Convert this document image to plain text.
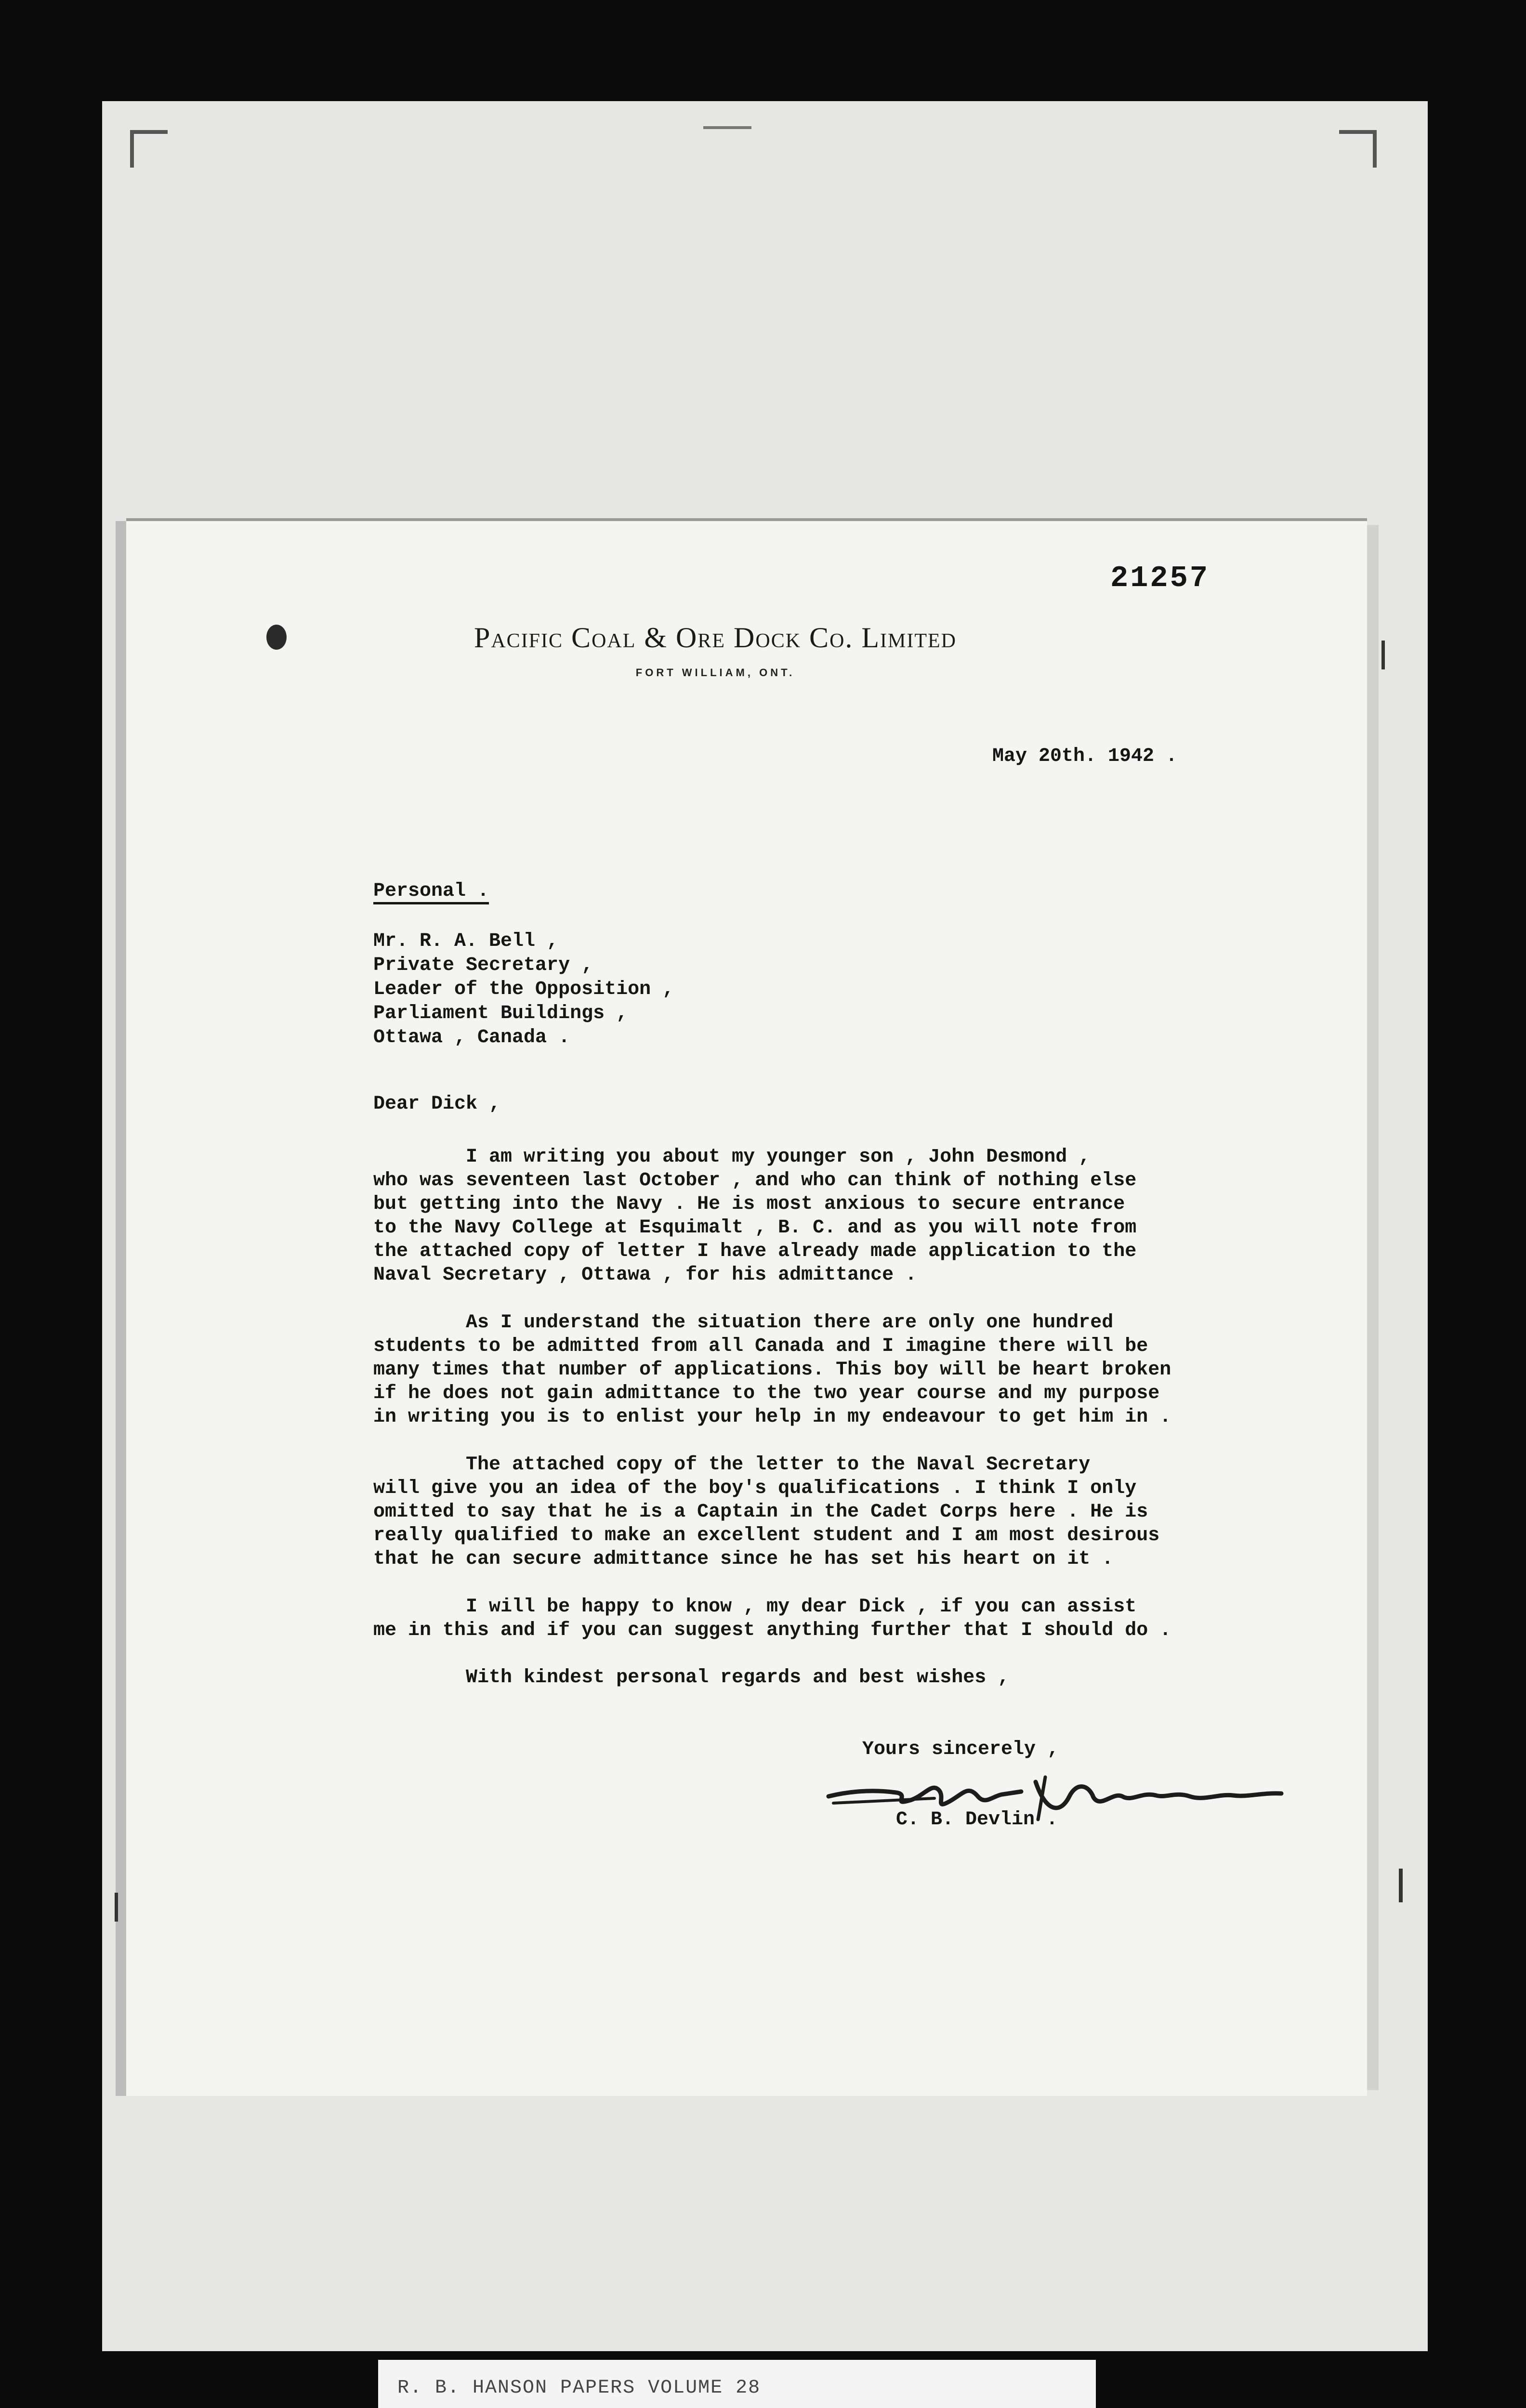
21257
Pacific Coal & Ore Dock Co. Limited
FORT WILLIAM, ONT.
May 20th. 1942 .
Personal .
Mr. R. A. Bell ,
Private Secretary ,
Leader of the Opposition ,
Parliament Buildings ,
Ottawa , Canada .
Dear Dick ,
I am writing you about my younger son , John Desmond ,
who was seventeen last October , and who can think of nothing else
but getting into the Navy . He is most anxious to secure entrance
to the Navy College at Esquimalt , B. C. and as you will note from
the attached copy of letter I have already made application to the
Naval Secretary , Ottawa , for his admittance .
As I understand the situation there are only one hundred
students to be admitted from all Canada and I imagine there will be
many times that number of applications. This boy will be heart broken
if he does not gain admittance to the two year course and my purpose
in writing you is to enlist your help in my endeavour to get him in .
The attached copy of the letter to the Naval Secretary
will give you an idea of the boy's qualifications . I think I only
omitted to say that he is a Captain in the Cadet Corps here . He is
really qualified to make an excellent student and I am most desirous
that he can secure admittance since he has set his heart on it .
I will be happy to know , my dear Dick , if you can assist
me in this and if you can suggest anything further that I should do .
With kindest personal regards and best wishes ,
Yours sincerely ,
C. B. Devlin .
R. B. HANSON PAPERS VOLUME 28
